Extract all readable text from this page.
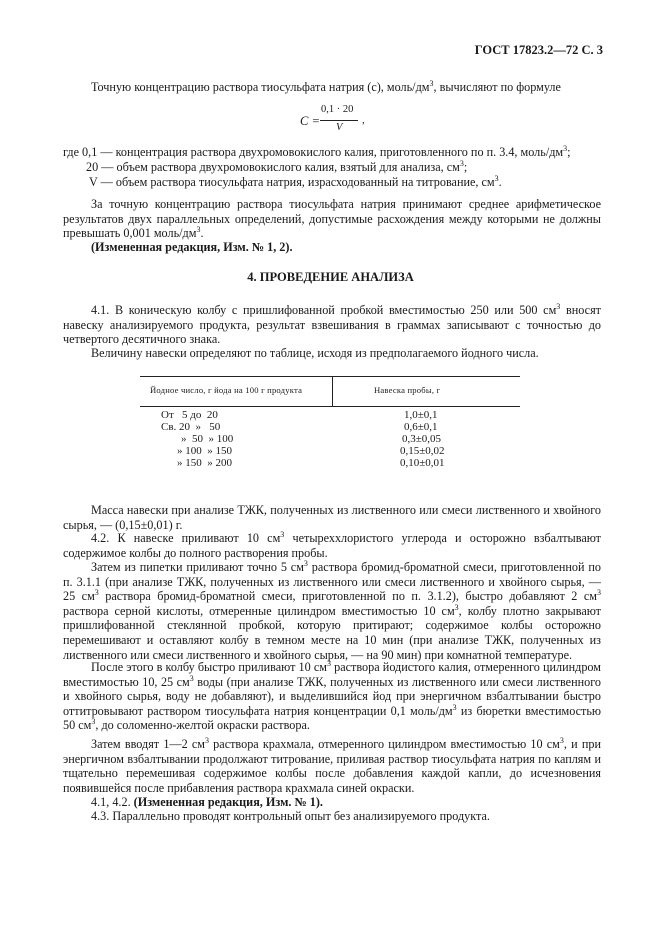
ГОСТ 17823.2—72 С. 3
Точную концентрацию раствора тиосульфата натрия (c), моль/$дм^3$, вычисляют по формуле
C =
0,1 · 20
V
,
где 0,1 — концентрация раствора двухромовокислого калия, приготовленного по п. 3.4, моль/$дм^3$;
20 — объем раствора двухромовокислого калия, взятый для анализа, $см^3$;
V — объем раствора тиосульфата натрия, израсходованный на титрование, $см^3$.
За точную концентрацию раствора тиосульфата натрия принимают среднее арифметическое результатов двух параллельных определений, допустимые расхождения между которыми не должны превышать 0,001 моль/$дм^3$.
(Измененная редакция, Изм. № 1, 2).
4. ПРОВЕДЕНИЕ АНАЛИЗА
4.1. В коническую колбу с пришлифованной пробкой вместимостью 250 или 500 $см^3$ вносят навеску анализируемого продукта, результат взвешивания в граммах записывают с точностью до четвертого десятичного знака.
Величину навески определяют по таблице, исходя из предполагаемого йодного числа.
Йодное число, г йода на 100 г продукта	Навеска пробы, г
От   5 до  20	1,0±0,1
Св. 20  »   50	0,6±0,1
»  50  » 100	0,3±0,05
» 100  » 150	0,15±0,02
» 150  » 200	0,10±0,01
Масса навески при анализе ТЖК, полученных из лиственного или смеси лиственного и хвойного сырья, — (0,15±0,01) г.
4.2. К навеске приливают 10 $см^3$ четыреххлористого углерода и осторожно взбалтывают содержимое колбы до полного растворения пробы.
Затем из пипетки приливают точно 5 $см^3$ раствора бромид-броматной смеси, приготовленной по п. 3.1.1 (при анализе ТЖК, полученных из лиственного или смеси лиственного и хвойного сырья, — 25 $см^3$ раствора бромид-броматной смеси, приготовленной по п. 3.1.2), быстро добавляют 2 $см^3$ раствора серной кислоты, отмеренные цилиндром вместимостью 10 $см^3$, колбу плотно закрывают пришлифованной стеклянной пробкой, которую притирают; содержимое колбы осторожно перемешивают и оставляют колбу в темном месте на 10 мин (при анализе ТЖК, полученных из лиственного или смеси лиственного и хвойного сырья, — на 90 мин) при комнатной температуре.
После этого в колбу быстро приливают 10 $см^3$ раствора йодистого калия, отмеренного цилиндром вместимостью 10, 25 $см^3$ воды (при анализе ТЖК, полученных из лиственного или смеси лиственного и хвойного сырья, воду не добавляют), и выделившийся йод при энергичном взбалтывании быстро оттитровывают раствором тиосульфата натрия концентрации 0,1 моль/$дм^3$ из бюретки вместимостью 50 $см^3$, до соломенно-желтой окраски раствора.
Затем вводят 1—2 $см^3$ раствора крахмала, отмеренного цилиндром вместимостью 10 $см^3$, и при энергичном взбалтывании продолжают титрование, приливая раствор тиосульфата натрия по каплям и тщательно перемешивая содержимое колбы после добавления каждой капли, до исчезновения появившейся после прибавления раствора крахмала синей окраски.
4.1, 4.2. (Измененная редакция, Изм. № 1).
4.3. Параллельно проводят контрольный опыт без анализируемого продукта.
